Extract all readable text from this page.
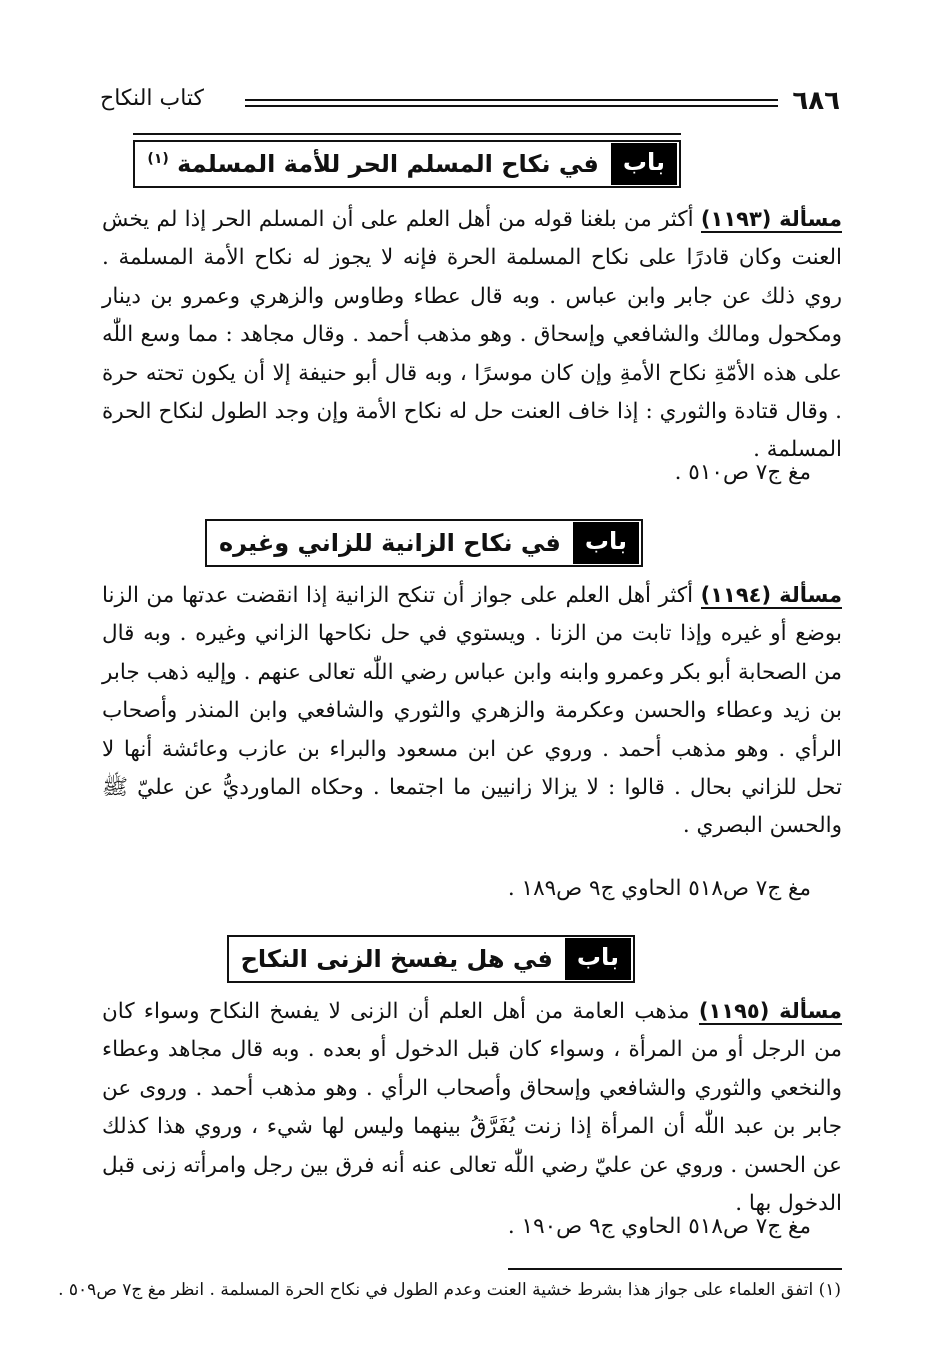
٦٨٦
كتاب النكاح
باب
في نكاح المسلم الحر للأمة المسلمة $^{(١)}$
مسألة (١١٩٣) أكثر من بلغنا قوله من أهل العلم على أن المسلم الحر إذا لم يخش العنت وكان قادرًا على نكاح المسلمة الحرة فإنه لا يجوز له نكاح الأمة المسلمة . روي ذلك عن جابر وابن عباس . وبه قال عطاء وطاوس والزهري وعمرو بن دينار ومكحول ومالك والشافعي وإسحاق . وهو مذهب أحمد . وقال مجاهد : مما وسع اللّٰه على هذه الأمّةِ نكاح الأمةِ وإن كان موسرًا ، وبه قال أبو حنيفة إلا أن يكون تحته حرة . وقال قتادة والثوري : إذا خاف العنت حل له نكاح الأمة وإن وجد الطول لنكاح الحرة المسلمة .
مغ ج٧ ص٥١٠ .
باب
في نكاح الزانية للزاني وغيره
مسألة (١١٩٤) أكثر أهل العلم على جواز أن تنكح الزانية إذا انقضت عدتها من الزنا بوضع أو غيره وإذا تابت من الزنا . ويستوي في حل نكاحها الزاني وغيره . وبه قال من الصحابة أبو بكر وعمرو وابنه وابن عباس رضي اللّٰه تعالى عنهم . وإليه ذهب جابر بن زيد وعطاء والحسن وعكرمة والزهري والثوري والشافعي وابن المنذر وأصحاب الرأي . وهو مذهب أحمد . وروي عن ابن مسعود والبراء بن عازب وعائشة أنها لا تحل للزاني بحال . قالوا : لا يزالا زانيين ما اجتمعا . وحكاه الماورديُّ عن عليّ ﷺ والحسن البصري .
مغ ج٧ ص٥١٨ الحاوي ج٩ ص١٨٩ .
باب
في هل يفسخ الزنى النكاح
مسألة (١١٩٥) مذهب العامة من أهل العلم أن الزنى لا يفسخ النكاح وسواء كان من الرجل أو من المرأة ، وسواء كان قبل الدخول أو بعده . وبه قال مجاهد وعطاء والنخعي والثوري والشافعي وإسحاق وأصحاب الرأي . وهو مذهب أحمد . وروى عن جابر بن عبد اللّٰه أن المرأة إذا زنت يُفَرَّقُ بينهما وليس لها شيء ، وروي هذا كذلك عن الحسن . وروي عن عليّ رضي اللّٰه تعالى عنه أنه فرق بين رجل وامرأته زنى قبل الدخول بها .
مغ ج٧ ص٥١٨ الحاوي ج٩ ص١٩٠ .
(١) اتفق العلماء على جواز هذا بشرط خشية العنت وعدم الطول في نكاح الحرة المسلمة . انظر مغ ج٧ ص٥٠٩ .
